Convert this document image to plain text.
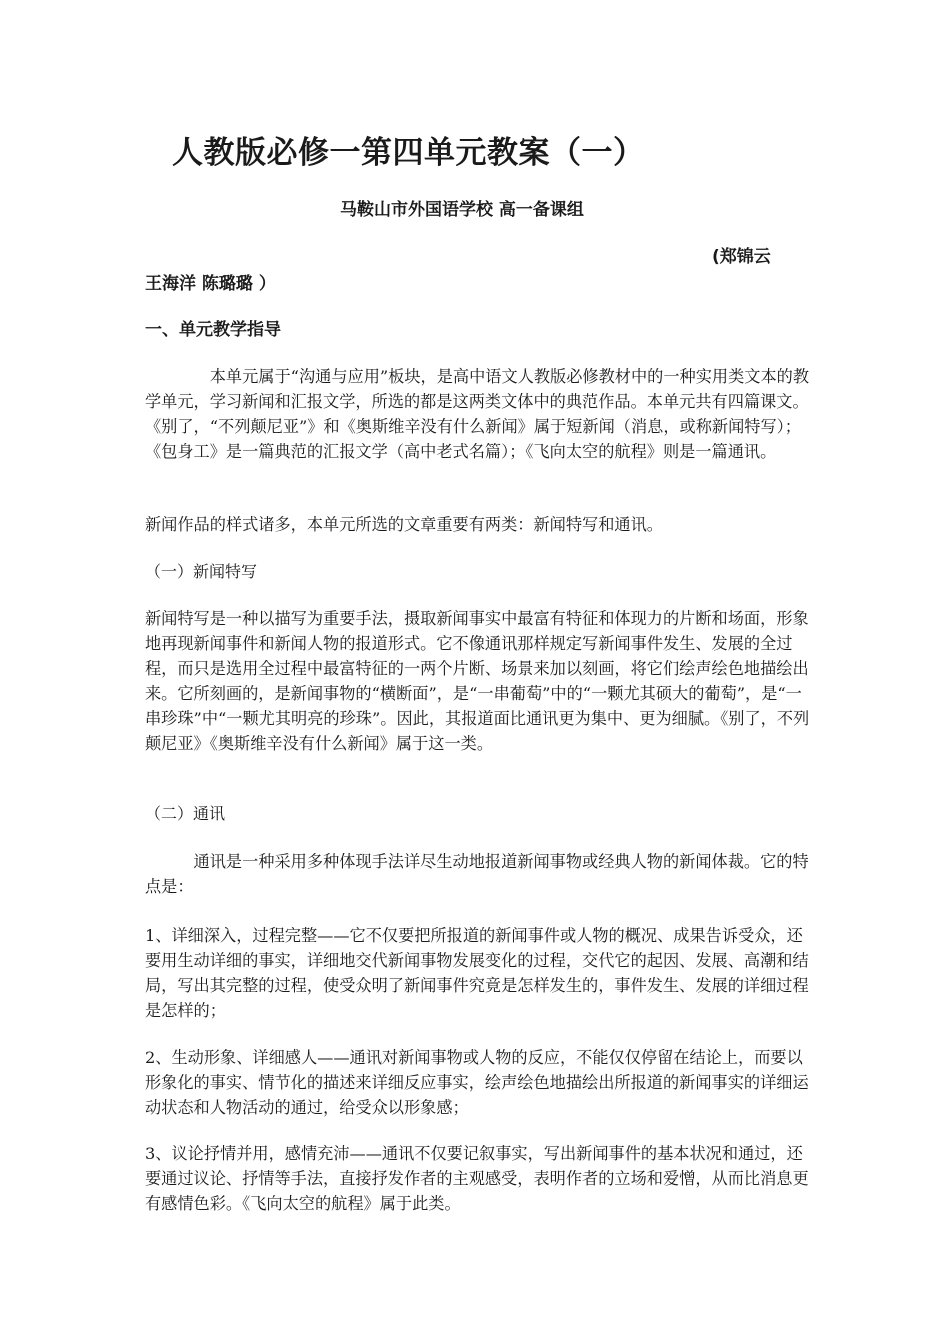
人教版必修一第四单元教案（一）
马鞍山市外国语学校 高一备课组
(郑锦云
王海洋 陈璐璐 ）
一、单元教学指导

　　　　本单元属于“沟通与应用”板块，是高中语文人教版必修教材中的一种实用类文本的教学单元，学习新闻和汇报文学，所选的都是这两类文体中的典范作品。本单元共有四篇课文。《别了，“不列颠尼亚”》和《奥斯维辛没有什么新闻》属于短新闻（消息，或称新闻特写）；《包身工》是一篇典范的汇报文学（高中老式名篇）；《飞向太空的航程》则是一篇通讯。

新闻作品的样式诸多，本单元所选的文章重要有两类：新闻特写和通讯。

（一）新闻特写

新闻特写是一种以描写为重要手法，摄取新闻事实中最富有特征和体现力的片断和场面，形象地再现新闻事件和新闻人物的报道形式。它不像通讯那样规定写新闻事件发生、发展的全过程，而只是选用全过程中最富特征的一两个片断、场景来加以刻画，将它们绘声绘色地描绘出来。它所刻画的，是新闻事物的“横断面”，是“一串葡萄”中的“一颗尤其硕大的葡萄”，是“一串珍珠”中“一颗尤其明亮的珍珠”。因此，其报道面比通讯更为集中、更为细腻。《别了，不列颠尼亚》《奥斯维辛没有什么新闻》属于这一类。

（二）通讯

　　　通讯是一种采用多种体现手法详尽生动地报道新闻事物或经典人物的新闻体裁。它的特点是：

1、详细深入，过程完整——它不仅要把所报道的新闻事件或人物的概况、成果告诉受众，还要用生动详细的事实，详细地交代新闻事物发展变化的过程，交代它的起因、发展、高潮和结局，写出其完整的过程，使受众明了新闻事件究竟是怎样发生的，事件发生、发展的详细过程是怎样的；

2、生动形象、详细感人——通讯对新闻事物或人物的反应，不能仅仅停留在结论上，而要以形象化的事实、情节化的描述来详细反应事实，绘声绘色地描绘出所报道的新闻事实的详细运动状态和人物活动的通过，给受众以形象感；

3、议论抒情并用，感情充沛——通讯不仅要记叙事实，写出新闻事件的基本状况和通过，还要通过议论、抒情等手法，直接抒发作者的主观感受，表明作者的立场和爱憎，从而比消息更有感情色彩。《飞向太空的航程》属于此类。
